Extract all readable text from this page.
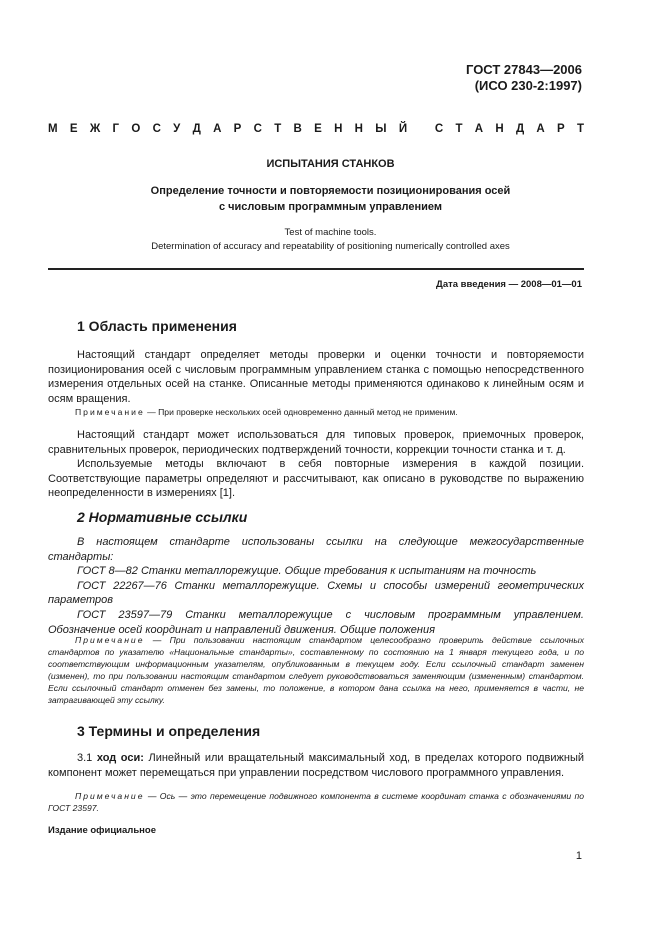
ГОСТ 27843—2006
(ИСО 230-2:1997)
М Е Ж Г О С У Д А Р С Т В Е Н Н Ы Й
С Т А Н Д А Р Т
ИСПЫТАНИЯ СТАНКОВ
Определение точности и повторяемости позиционирования осей
с числовым программным управлением
Test of machine tools.
Determination of accuracy and repeatability of positioning numerically controlled axes
Дата введения — 2008—01—01
1 Область применения
Настоящий стандарт определяет методы проверки и оценки точности и повторяемости позиционирования осей с числовым программным управлением станка с помощью непосредственного измерения отдельных осей на станке. Описанные методы применяются одинаково к линейным осям и осям вращения.
Примечание — При проверке нескольких осей одновременно данный метод не применим.
Настоящий стандарт может использоваться для типовых проверок, приемочных проверок, сравнительных проверок, периодических подтверждений точности, коррекции точности станка и т. д.
Используемые методы включают в себя повторные измерения в каждой позиции. Соответствующие параметры определяют и рассчитывают, как описано в руководстве по выражению неопределенности в измерениях [1].
2 Нормативные ссылки

В настоящем стандарте использованы ссылки на следующие межгосударственные стандарты:

ГОСТ 8—82 Станки металлорежущие. Общие требования к испытаниям на точность

ГОСТ 22267—76 Станки металлорежущие. Схемы и способы измерений геометрических параметров

ГОСТ 23597—79 Станки металлорежущие с числовым программным управлением. Обозначение осей координат и направлений движения. Общие положения

Примечание — При пользовании настоящим стандартом целесообразно проверить действие ссылочных стандартов по указателю «Национальные стандарты», составленному по состоянию на 1 января текущего года, и по соответствующим информационным указателям, опубликованным в текущем году. Если ссылочный стандарт заменен (изменен), то при пользовании настоящим стандартом следует руководствоваться заменяющим (измененным) стандартом. Если ссылочный стандарт отменен без замены, то положение, в котором дана ссылка на него, применяется в части, не затрагивающей эту ссылку.
3 Термины и определения
3.1 ход оси: Линейный или вращательный максимальный ход, в пределах которого подвижный компонент может перемещаться при управлении посредством числового программного управления.
Примечание — Ось — это перемещение подвижного компонента в системе координат станка с обозначениями по ГОСТ 23597.
Издание официальное
1
